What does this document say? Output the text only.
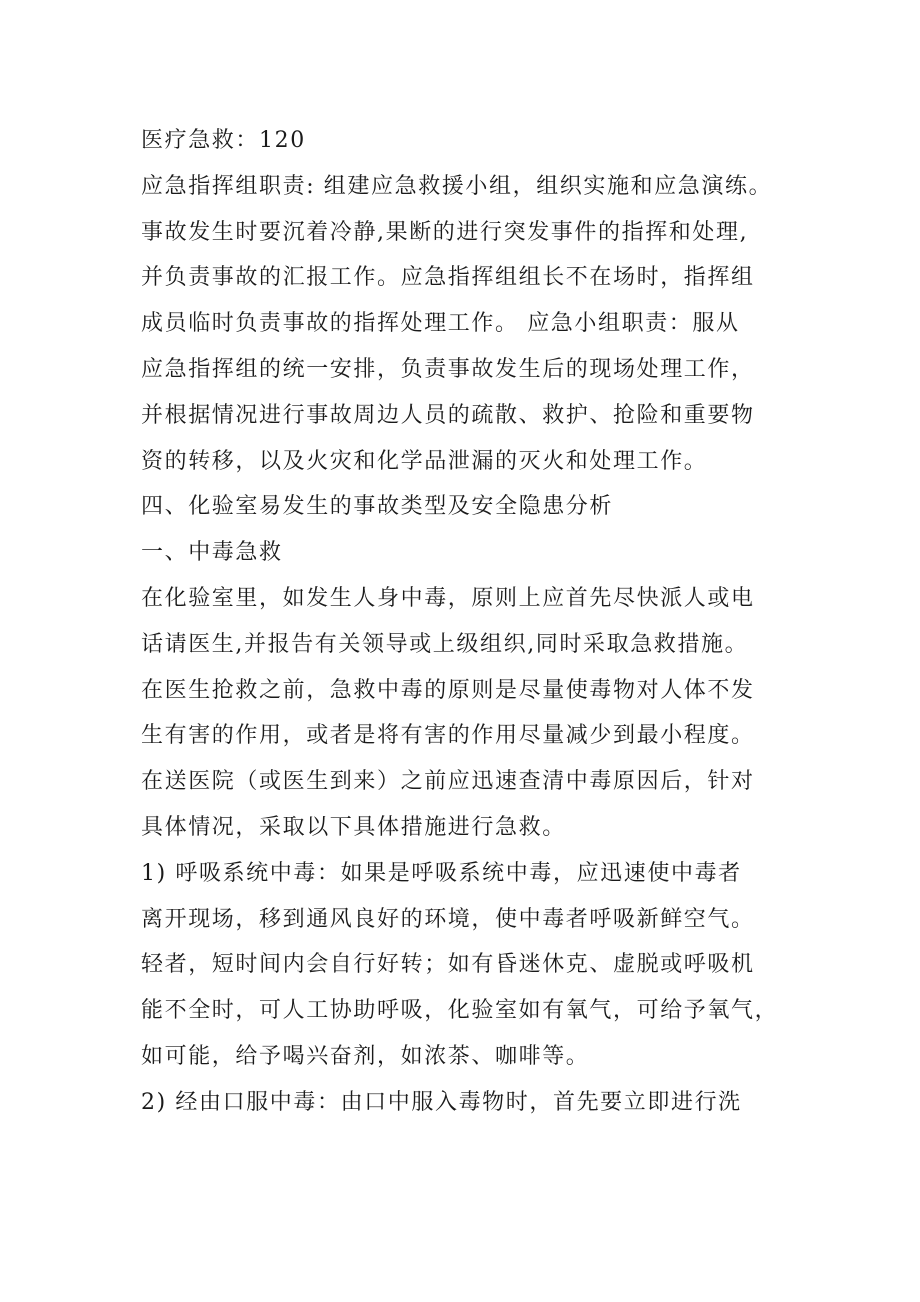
医疗急救：120
应急指挥组职责: 组建应急救援小组，组织实施和应急演练。
事故发生时要沉着冷静,果断的进行突发事件的指挥和处理,
并负责事故的汇报工作。应急指挥组组长不在场时，指挥组
成员临时负责事故的指挥处理工作。 应急小组职责：服从
应急指挥组的统一安排，负责事故发生后的现场处理工作，
并根据情况进行事故周边人员的疏散、救护、抢险和重要物
资的转移，以及火灾和化学品泄漏的灭火和处理工作。
四、化验室易发生的事故类型及安全隐患分析
一、中毒急救
在化验室里，如发生人身中毒，原则上应首先尽快派人或电
话请医生,并报告有关领导或上级组织,同时采取急救措施。
在医生抢救之前，急救中毒的原则是尽量使毒物对人体不发
生有害的作用，或者是将有害的作用尽量减少到最小程度。
在送医院（或医生到来）之前应迅速查清中毒原因后，针对
具体情况，采取以下具体措施进行急救。
1) 呼吸系统中毒：如果是呼吸系统中毒，应迅速使中毒者
离开现场，移到通风良好的环境，使中毒者呼吸新鲜空气。
轻者，短时间内会自行好转；如有昏迷休克、虚脱或呼吸机
能不全时，可人工协助呼吸，化验室如有氧气，可给予氧气，
如可能，给予喝兴奋剂，如浓茶、咖啡等。
2) 经由口服中毒：由口中服入毒物时，首先要立即进行洗
